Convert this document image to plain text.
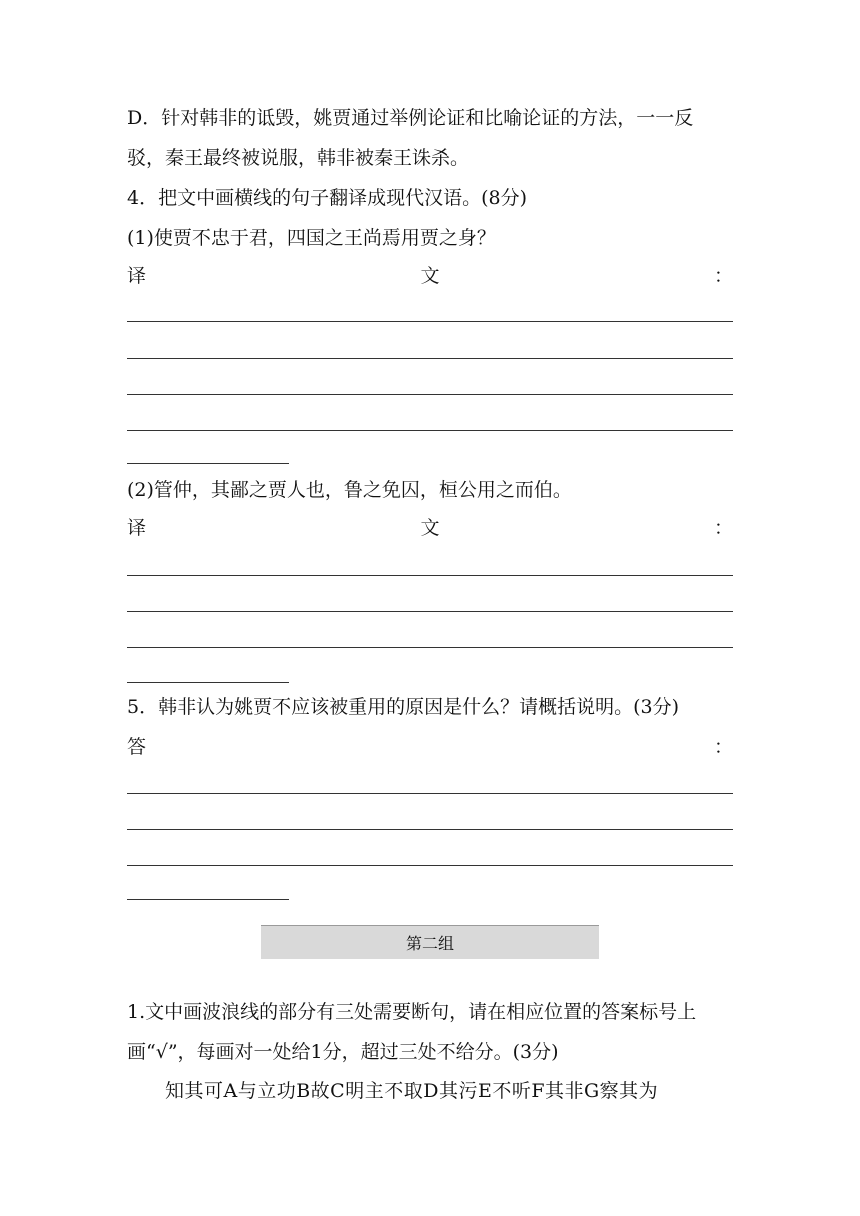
D．针对韩非的诋毁，姚贾通过举例论证和比喻论证的方法，一一反
驳，秦王最终被说服，韩非被秦王诛杀。
4．把文中画横线的句子翻译成现代汉语。(8分)
(1)使贾不忠于君，四国之王尚焉用贾之身？
译	文	：
(2)管仲，其鄙之贾人也，鲁之免囚，桓公用之而伯。
译	文	：
5．韩非认为姚贾不应该被重用的原因是什么？请概括说明。(3分)
答	：
第二组
1.文中画波浪线的部分有三处需要断句，请在相应位置的答案标号上
画“√”，每画对一处给1分，超过三处不给分。(3分)
知其可A与立功B故C明主不取D其污E不听F其非G察其为
